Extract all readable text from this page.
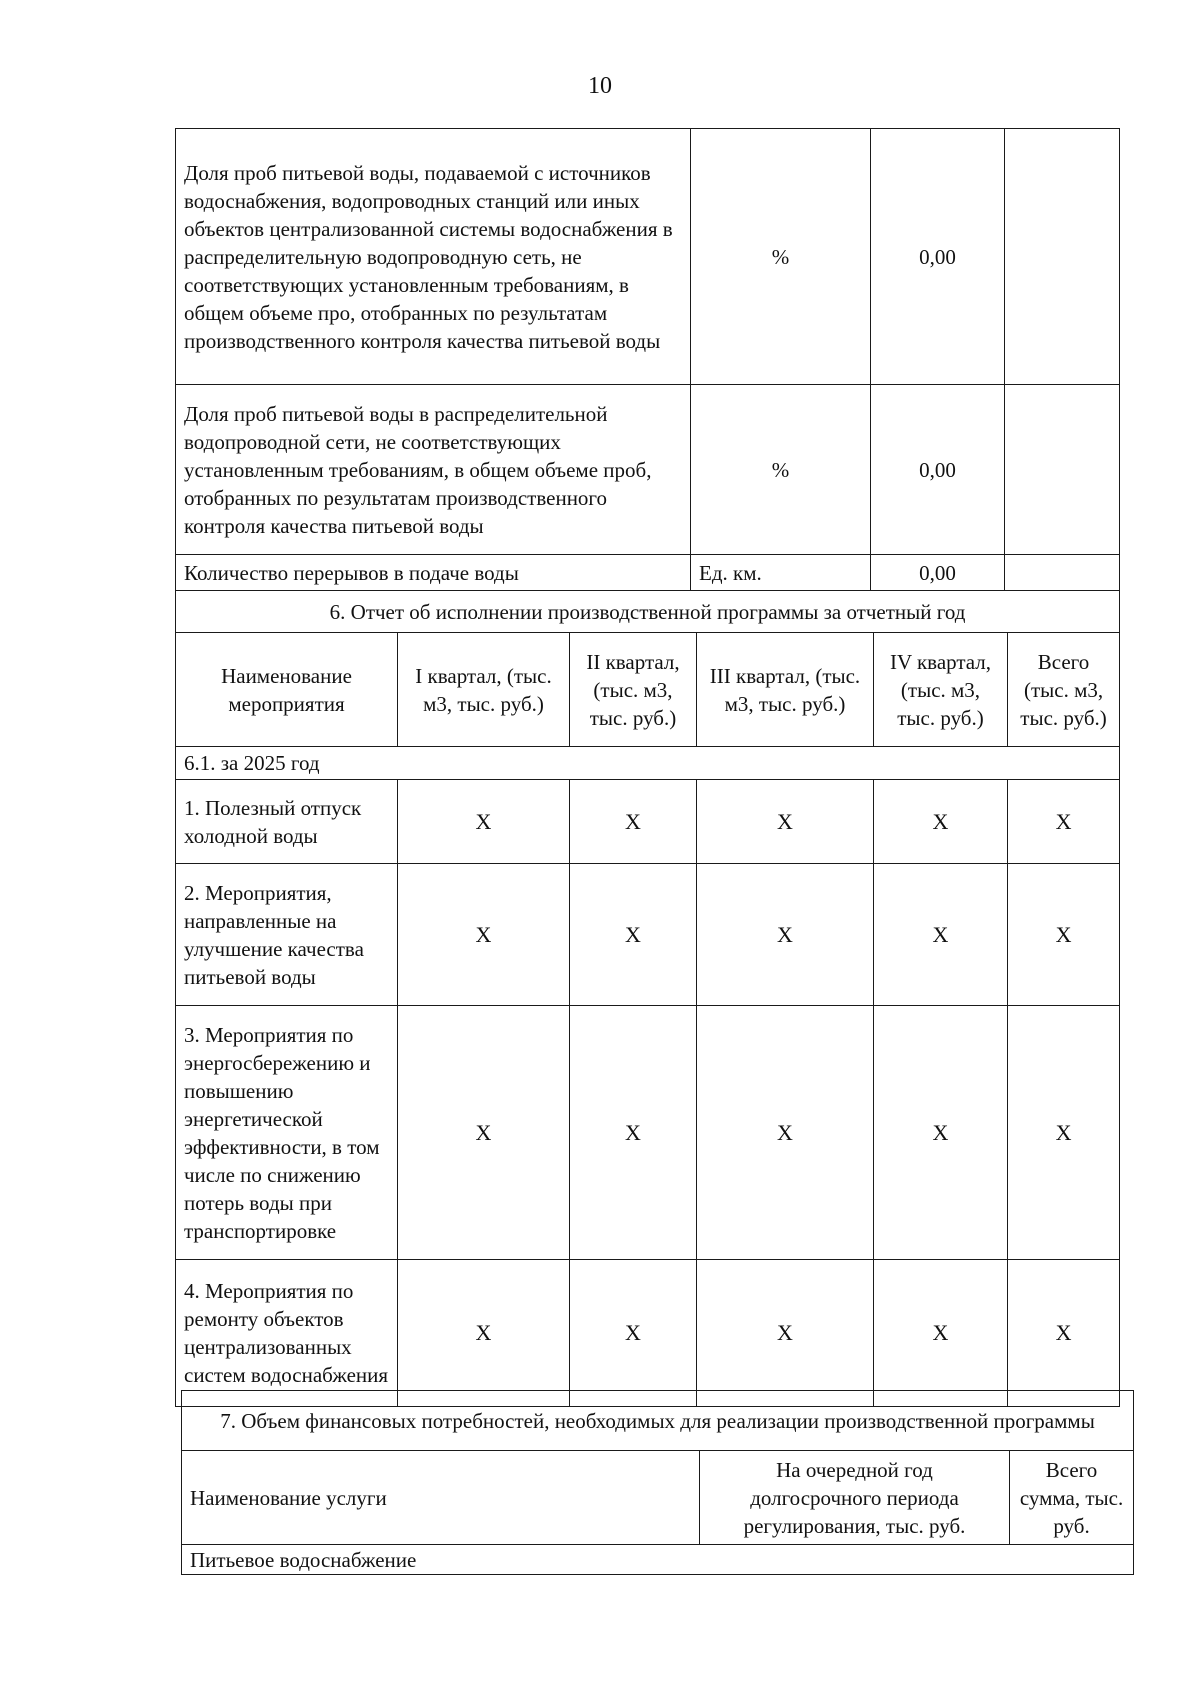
10
Доля проб питьевой воды, подаваемой с источников водоснабжения, водопроводных станций или иных объектов централизованной системы водоснабжения в распределительную водопроводную сеть, не соответствующих установленным требованиям, в общем объеме про, отобранных по результатам производственного контроля качества питьевой воды	%	0,00	
Доля проб питьевой воды в распределительной водопроводной сети, не соответствующих установленным требованиям, в общем объеме проб, отобранных по результатам производственного контроля качества питьевой воды	%	0,00	
Количество перерывов в подаче воды	Ед. км.	0,00	
6. Отчет об исполнении производственной программы за отчетный год					
Наименование мероприятия	I квартал, (тыс. м3, тыс. руб.)	II квартал, (тыс. м3, тыс. руб.)	III квартал, (тыс. м3, тыс. руб.)	IV квартал, (тыс. м3, тыс. руб.)	Всего (тыс. м3, тыс. руб.)
6.1. за 2025 год					
1. Полезный отпуск холодной воды	X	X	X	X	X
2. Мероприятия, направленные на улучшение качества питьевой воды	X	X	X	X	X
3. Мероприятия по энергосбережению и повышению энергетической эффективности, в том числе по снижению потерь воды при транспортировке	X	X	X	X	X
4. Мероприятия по ремонту объектов централизованных систем водоснабжения	X	X	X	X	X
7. Объем финансовых потребностей, необходимых для реализации производственной программы
Наименование услуги	На очередной год долгосрочного периода регулирования, тыс. руб.	Всего сумма, тыс. руб.
Питьевое водоснабжение
